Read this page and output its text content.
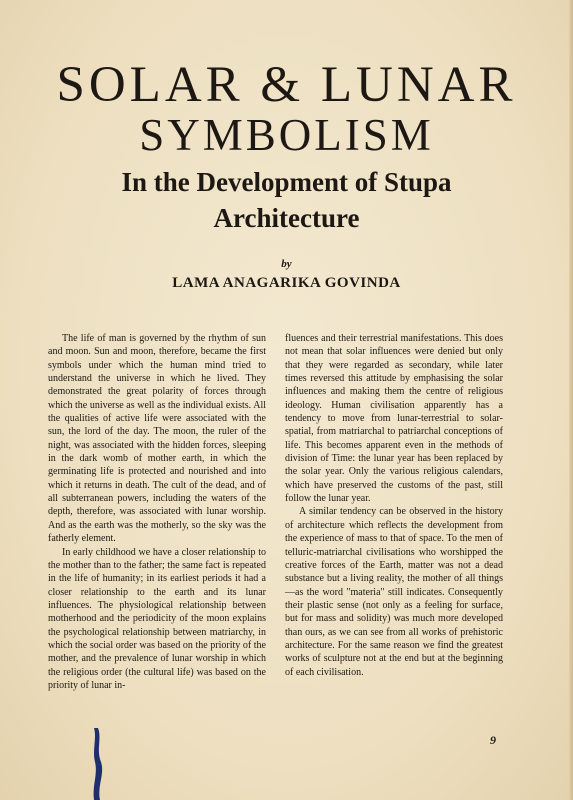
SOLAR & LUNAR
SYMBOLISM
In the Development of Stupa
Architecture
by
LAMA ANAGARIKA GOVINDA

The life of man is governed by the rhythm of sun and moon. Sun and moon, therefore, became the first symbols under which the human mind tried to understand the universe in which he lived. They demonstrated the great polarity of forces through which the universe as well as the individual exists. All the qualities of active life were associated with the sun, the lord of the day. The moon, the ruler of the night, was associated with the hidden forces, sleeping in the dark womb of mother earth, in which the germinating life is protected and nourished and into which it returns in death. The cult of the dead, and of all subterranean powers, including the waters of the depth, therefore, was associated with lunar worship. And as the earth was the motherly, so the sky was the fatherly element.

In early childhood we have a closer relationship to the mother than to the father; the same fact is repeated in the life of humanity; in its earliest periods it had a closer relationship to the earth and its lunar influences. The physiological relationship between motherhood and the periodicity of the moon explains the psychological relationship between matriarchy, in which the social order was based on the priority of the mother, and the prevalence of lunar worship in which the religious order (the cultural life) was based on the priority of lunar in-

fluences and their terrestrial manifestations. This does not mean that solar influences were denied but only that they were regarded as secondary, while later times reversed this attitude by emphasising the solar influences and making them the centre of religious ideology. Human civilisation apparently has a tendency to move from lunar-terrestrial to solar-spatial, from matriarchal to patriarchal conceptions of life. This becomes apparent even in the methods of division of Time: the lunar year has been replaced by the solar year. Only the various religious calendars, which have preserved the customs of the past, still follow the lunar year.

A similar tendency can be observed in the history of architecture which reflects the development from the experience of mass to that of space. To the men of telluric-matriarchal civilisations who worshipped the creative forces of the Earth, matter was not a dead substance but a living reality, the mother of all things—as the word "materia" still indicates. Consequently their plastic sense (not only as a feeling for surface, but for mass and solidity) was much more developed than ours, as we can see from all works of prehistoric architecture. For the same reason we find the greatest works of sculpture not at the end but at the beginning of each civilisation.

9
